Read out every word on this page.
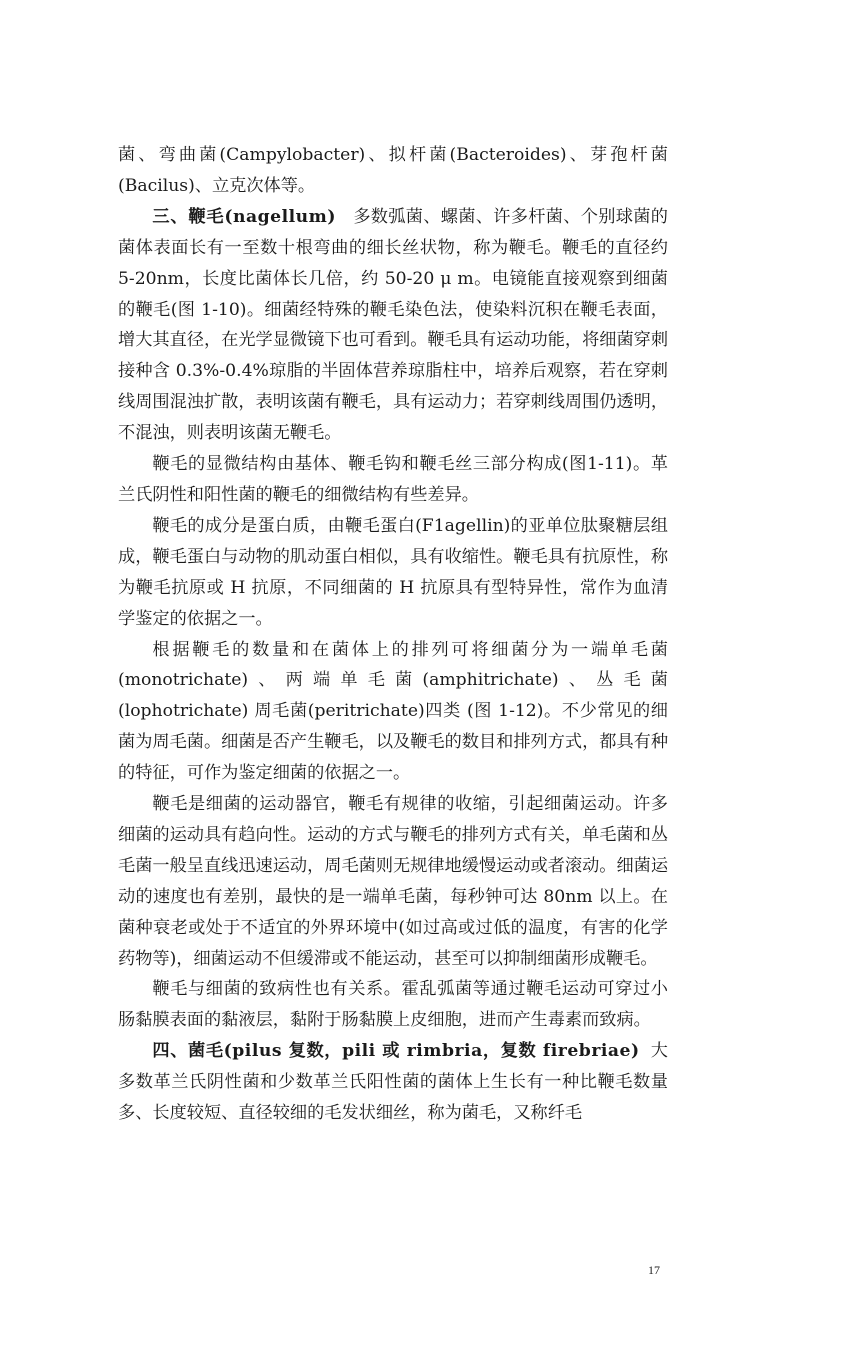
菌、弯曲菌(Campylobacter)、拟杆菌(Bacteroides)、芽孢杆菌(Bacilus)、立克次体等。

三、鞭毛(nagellum) 多数弧菌、螺菌、许多杆菌、个别球菌的菌体表面长有一至数十根弯曲的细长丝状物，称为鞭毛。鞭毛的直径约 5-20nm，长度比菌体长几倍，约 50-20 μ m。电镜能直接观察到细菌的鞭毛(图 1-10)。细菌经特殊的鞭毛染色法，使染料沉积在鞭毛表面，增大其直径，在光学显微镜下也可看到。鞭毛具有运动功能，将细菌穿刺接种含 0.3%-0.4%琼脂的半固体营养琼脂柱中，培养后观察，若在穿刺线周围混浊扩散，表明该菌有鞭毛，具有运动力；若穿刺线周围仍透明，不混浊，则表明该菌无鞭毛。

鞭毛的显微结构由基体、鞭毛钩和鞭毛丝三部分构成(图1-11)。革兰氏阴性和阳性菌的鞭毛的细微结构有些差异。

鞭毛的成分是蛋白质，由鞭毛蛋白(F1agellin)的亚单位肽聚糖层组成，鞭毛蛋白与动物的肌动蛋白相似，具有收缩性。鞭毛具有抗原性，称为鞭毛抗原或 H 抗原，不同细菌的 H 抗原具有型特异性，常作为血清学鉴定的依据之一。

根据鞭毛的数量和在菌体上的排列可将细菌分为一端单毛菌(monotrichate)、两端单毛菌(amphitrichate)、丛毛菌(lophotrichate) 周毛菌(peritrichate)四类 (图 1-12)。不少常见的细菌为周毛菌。细菌是否产生鞭毛，以及鞭毛的数目和排列方式，都具有种的特征，可作为鉴定细菌的依据之一。

鞭毛是细菌的运动器官，鞭毛有规律的收缩，引起细菌运动。许多细菌的运动具有趋向性。运动的方式与鞭毛的排列方式有关，单毛菌和丛毛菌一般呈直线迅速运动，周毛菌则无规律地缓慢运动或者滚动。细菌运动的速度也有差别，最快的是一端单毛菌，每秒钟可达 80nm 以上。在菌种衰老或处于不适宜的外界环境中(如过高或过低的温度，有害的化学药物等)，细菌运动不但缓滞或不能运动，甚至可以抑制细菌形成鞭毛。

鞭毛与细菌的致病性也有关系。霍乱弧菌等通过鞭毛运动可穿过小肠黏膜表面的黏液层，黏附于肠黏膜上皮细胞，进而产生毒素而致病。

四、菌毛(pilus 复数，pili 或 rimbria，复数 firebriae) 大多数革兰氏阴性菌和少数革兰氏阳性菌的菌体上生长有一种比鞭毛数量多、长度较短、直径较细的毛发状细丝，称为菌毛，又称纤毛

17
